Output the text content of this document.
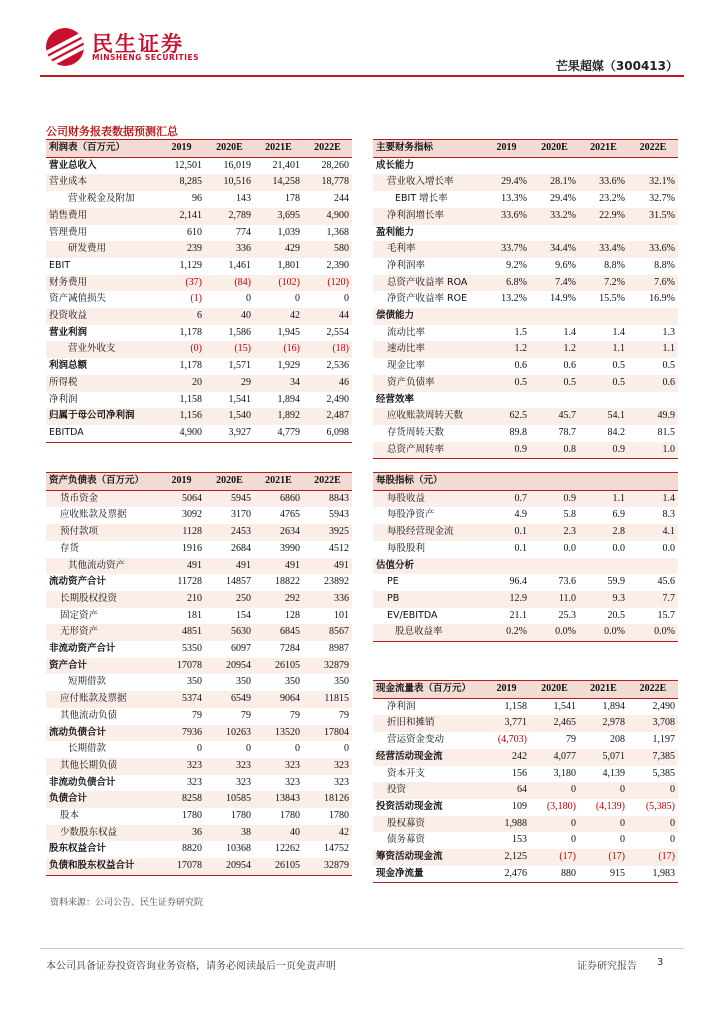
民生证券
MINSHENG SECURITIES
芒果超媒（300413）
公司财务报表数据预测汇总
利润表（百万元）	2019	2020E	2021E	2022E
营业总收入	12,501	16,019	21,401	28,260
营业成本	8,285	10,516	14,258	18,778
营业税金及附加	96	143	178	244
销售费用	2,141	2,789	3,695	4,900
管理费用	610	774	1,039	1,368
研发费用	239	336	429	580
EBIT	1,129	1,461	1,801	2,390
财务费用	(37)	(84)	(102)	(120)
资产减值损失	(1)	0	0	0
投资收益	6	40	42	44
营业利润	1,178	1,586	1,945	2,554
营业外收支	(0)	(15)	(16)	(18)
利润总额	1,178	1,571	1,929	2,536
所得税	20	29	34	46
净利润	1,158	1,541	1,894	2,490
归属于母公司净利润	1,156	1,540	1,892	2,487
EBITDA	4,900	3,927	4,779	6,098
主要财务指标	2019	2020E	2021E	2022E
成长能力				
营业收入增长率	29.4%	28.1%	33.6%	32.1%
EBIT 增长率	13.3%	29.4%	23.2%	32.7%
净利润增长率	33.6%	33.2%	22.9%	31.5%
盈利能力				
毛利率	33.7%	34.4%	33.4%	33.6%
净利润率	9.2%	9.6%	8.8%	8.8%
总资产收益率 ROA	6.8%	7.4%	7.2%	7.6%
净资产收益率 ROE	13.2%	14.9%	15.5%	16.9%
偿债能力				
流动比率	1.5	1.4	1.4	1.3
速动比率	1.2	1.2	1.1	1.1
现金比率	0.6	0.6	0.5	0.5
资产负债率	0.5	0.5	0.5	0.6
经营效率				
应收账款周转天数	62.5	45.7	54.1	49.9
存货周转天数	89.8	78.7	84.2	81.5
总资产周转率	0.9	0.8	0.9	1.0
资产负债表（百万元）	2019	2020E	2021E	2022E
货币资金	5064	5945	6860	8843
应收账款及票据	3092	3170	4765	5943
预付款项	1128	2453	2634	3925
存货	1916	2684	3990	4512
其他流动资产	491	491	491	491
流动资产合计	11728	14857	18822	23892
长期股权投资	210	250	292	336
固定资产	181	154	128	101
无形资产	4851	5630	6845	8567
非流动资产合计	5350	6097	7284	8987
资产合计	17078	20954	26105	32879
短期借款	350	350	350	350
应付账款及票据	5374	6549	9064	11815
其他流动负债	79	79	79	79
流动负债合计	7936	10263	13520	17804
长期借款	0	0	0	0
其他长期负债	323	323	323	323
非流动负债合计	323	323	323	323
负债合计	8258	10585	13843	18126
股本	1780	1780	1780	1780
少数股东权益	36	38	40	42
股东权益合计	8820	10368	12262	14752
负债和股东权益合计	17078	20954	26105	32879
每股指标（元）				
每股收益	0.7	0.9	1.1	1.4
每股净资产	4.9	5.8	6.9	8.3
每股经营现金流	0.1	2.3	2.8	4.1
每股股利	0.1	0.0	0.0	0.0
估值分析				
PE	96.4	73.6	59.9	45.6
PB	12.9	11.0	9.3	7.7
EV/EBITDA	21.1	25.3	20.5	15.7
股息收益率	0.2%	0.0%	0.0%	0.0%
现金流量表（百万元）	2019	2020E	2021E	2022E
净利润	1,158	1,541	1,894	2,490
折旧和摊销	3,771	2,465	2,978	3,708
营运资金变动	(4,703)	79	208	1,197
经营活动现金流	242	4,077	5,071	7,385
资本开支	156	3,180	4,139	5,385
投资	64	0	0	0
投资活动现金流	109	(3,180)	(4,139)	(5,385)
股权募资	1,988	0	0	0
债务募资	153	0	0	0
筹资活动现金流	2,125	(17)	(17)	(17)
现金净流量	2,476	880	915	1,983
资料来源：公司公告、民生证券研究院
本公司具备证券投资咨询业务资格，请务必阅读最后一页免责声明	证券研究报告 3
